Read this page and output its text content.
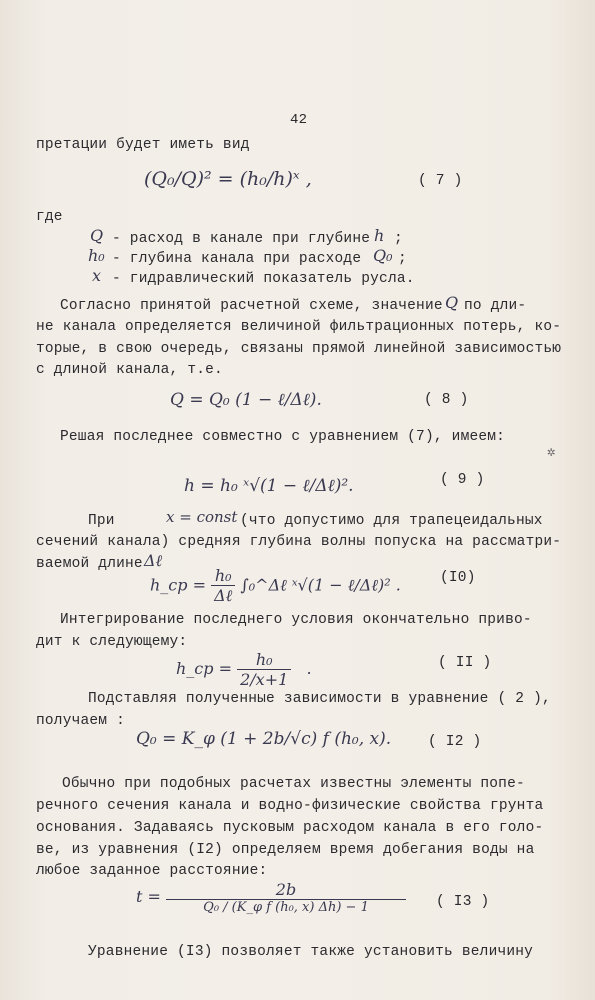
42
претации будет иметь вид
(Q₀/Q)² = (h₀/h)ˣ ,	( 7 )
где
Q - расход в канале при глубине h ;
h₀ - глубина канала при расходе Q₀ ;
x - гидравлический показатель русла.
Согласно принятой расчетной схеме, значение Q по дли-
не канала определяется величиной фильтрационных потерь, ко-
торые, в свою очередь, связаны прямой линейной зависимостью
с длиной канала, т.е.
Q = Q₀ (1 − ℓ/Δℓ).	( 8 )
Решая последнее совместно с уравнением (7), имеем:
✲
h = h₀ ˣ√(1 − ℓ/Δℓ)².	( 9 )
При	x = const (что допустимо для трапецеидальных
сечений канала) средняя глубина волны попуска на рассматри-
ваемой длине Δℓ
h_ср = $\frac{\text{h₀}}{\text{Δℓ}}$ ∫₀^Δℓ ˣ√(1 − ℓ/Δℓ)² .	(I0)
Интегрирование последнего условия окончательно приво-
дит к следующему:
h_ср = $\frac{\text{h₀}}{2/x+1}$ .	( II )
Подставляя полученные зависимости в уравнение ( 2 ),
получаем :
Q₀ = K_φ (1 + 2b/√c) f (h₀, x).	( I2 )
Обычно при подобных расчетах известны элементы попе-
речного сечения канала и водно-физические свойства грунта
основания. Задаваясь пусковым расходом канала в его голо-
ве, из уравнения (I2) определяем время добегания воды на
любое заданное расстояние:
$t = \frac{2b}{\text{Q₀ / (K\_φ f (h₀, x) Δh) − 1}}$ ( I3 )
Уравнение (I3) позволяет также установить величину
